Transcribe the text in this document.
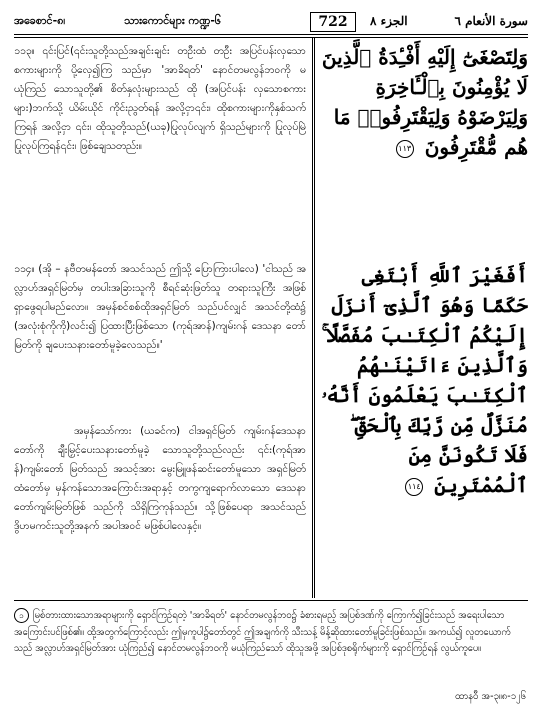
အခေစာင်-၈၊	သားကောင်များ ကဏ္ဍ-၆	722	الجزء ٨	سورة الأنعام ٦

၁၁၃။ ၎င်းပြင်(၎င်းသူတို့သည်အချင်းချင်း တဦးထံ တဦး အပြင်ပန်းလှသော စကားများကို ပို့လှေ၍ကြ သည်မှာ 'အာခိရတ်' နောင်တမလွန်ဘဝကို မယုံကြည် သောသူတို့၏ စိတ်နှလုံးများသည် ထို (အပြင်ပန်း လှသောစကားများ)ဘက်သို့ ယိမ်းယိုင် ကိုင်းညွတ်ရန် အလို့ငှာ၎င်း၊ ထိုစကားများကိုနှစ်သက်ကြရန် အလို့ငှာ ၎င်း၊ ထိုသူတို့သည်(ယခု)ပြုလုပ်လျက် ရှိသည်များကို ပြုလုပ်မြဲ ပြုလုပ်ကြရန်၎င်း၊ ဖြစ်ချေသတည်း။

၁၁၄။ (အို – နဗီတမန်တော် အသင်သည် ဤသို့ ပြောကြားပါလေ) 'ငါသည် အလ္လာဟ်အရှင်မြတ်မှ တပါးအခြားသူကို စီရင်ဆုံးဖြတ်သူ တရားသူကြီး အဖြစ်ရှာဖွေရပါမည်လော။ အမှန်စင်စစ်ထိုအရှင်မြတ် သည်ပင်လျှင် အသင်တို့ထံ၌ (အလုံးစုံကိုကို)လင်း၍ ပြထားပြီးဖြစ်သော (ကုရ်အာန်)ကျမ်းဂန် ဒေသနာ တော်မြတ်ကို ချပေးသနားတော်မူခဲ့လေသည်။'

အမှန်သော်ကား (ယခင်က) ငါအရှင်မြတ် ကျမ်းဂန်ဒေသနာတော်ကို ချီးမြှင့်ပေးသနားတော်မူခဲ့ သောသူတို့သည်လည်း ၎င်း(ကုရ်အာန်)ကျမ်းတော် မြတ်သည် အသင့်အား မွေးမြူဖန်ဆင်းတော်မူသော အရှင်မြတ်ထံတော်မှ မှန်ကန်သောအကြောင်းအရာနှင့် တကွကျရောက်လာသော ဒေသနာတော်ကျမ်းမြတ်ဖြစ် သည်ကို သိရှိကြကုန်သည်။ သို့ဖြစ်ပေရာ အသင်သည် ဒွိဟမကင်းသူတို့အနက် အပါအဝင် မဖြစ်ပါလေနှင့်။

وَلِتَصْغَىٰٓ إِلَيْهِ أَفْـِٔدَةُ ٱلَّذِينَ لَا يُؤْمِنُونَ بِٱلْـَٔاخِرَةِ وَلِيَرْضَوْهُ وَلِيَقْتَرِفُوا۟ مَا هُم مُّقْتَرِفُونَ ١١٣

أَفَغَيْرَ ٱللَّهِ أَبْتَغِى حَكَمًا وَهُوَ ٱلَّذِىٓ أَنزَلَ إِلَيْكُمُ ٱلْكِتَـٰبَ مُفَصَّلًا ۚ وَٱلَّذِينَ ءَاتَيْنَـٰهُمُ ٱلْكِتَـٰبَ يَعْلَمُونَ أَنَّهُۥ مُنَزَّلٌ مِّن رَّبِّكَ بِٱلْحَقِّ ۖ فَلَا تَكُونَنَّ مِنَ ٱلْمُمْتَرِينَ ١١٤

၁ မြစ်တားထားသောအရာများကို ရှောင်ကြဉ်ရတဲ့ 'အာခိရတ်' နောင်တမလွန်ဘဝ၌ ခံစားရမည့် အပြစ်ဒဏ်ကို ကြောက်၍ခြင်းသည် အရေးပါသောအကြောင်းပင်ဖြစ်၏။ ထို့အတွက်ကြောင့်လည်း ဤမှကူပါ၌တော်တွင် ဤအချက်ကို သီးသန့် မိန့်ဆိုထားတော်မူခြင်းဖြစ်သည်။ အကယ်၍ လူတယောက်သည် အလ္လာဟ်အရှင်မြတ်အား ယုံကြည်၍ နောင်တမလွန်ဘဝကို မယုံကြည်သော် ထိုသူအဖို့ အပြစ်ဒုစရိုက်များကို ရှောင်ကြဉ်ရန် လွယ်ကူပေ။
ထာနဝီ အ-၃။၈-၁၂၆
